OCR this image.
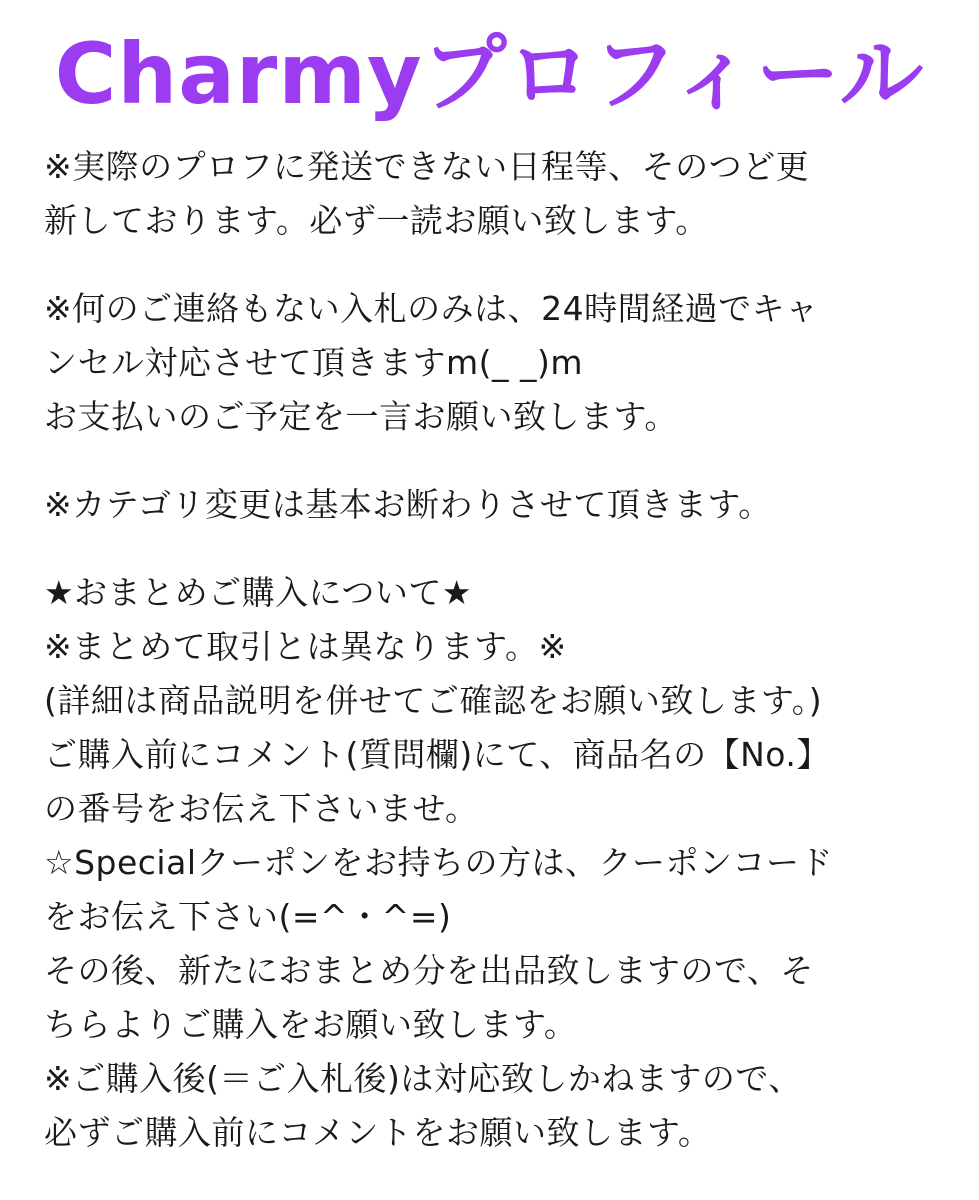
Charmyプロフィール
※実際のプロフに発送できない日程等、そのつど更
新しております。必ず一読お願い致します。
※何のご連絡もない入札のみは、24時間経過でキャ
ンセル対応させて頂きますm(_ _)m
お支払いのご予定を一言お願い致します。
※カテゴリ変更は基本お断わりさせて頂きます。
★おまとめご購入について★
※まとめて取引とは異なります。※
(詳細は商品説明を併せてご確認をお願い致します。)
ご購入前にコメント(質問欄)にて、商品名の【No.】
の番号をお伝え下さいませ。
☆Specialクーポンをお持ちの方は、クーポンコード
をお伝え下さい(=^・^=)
その後、新たにおまとめ分を出品致しますので、そ
ちらよりご購入をお願い致します。
※ご購入後(＝ご入札後)は対応致しかねますので、
必ずご購入前にコメントをお願い致します。
